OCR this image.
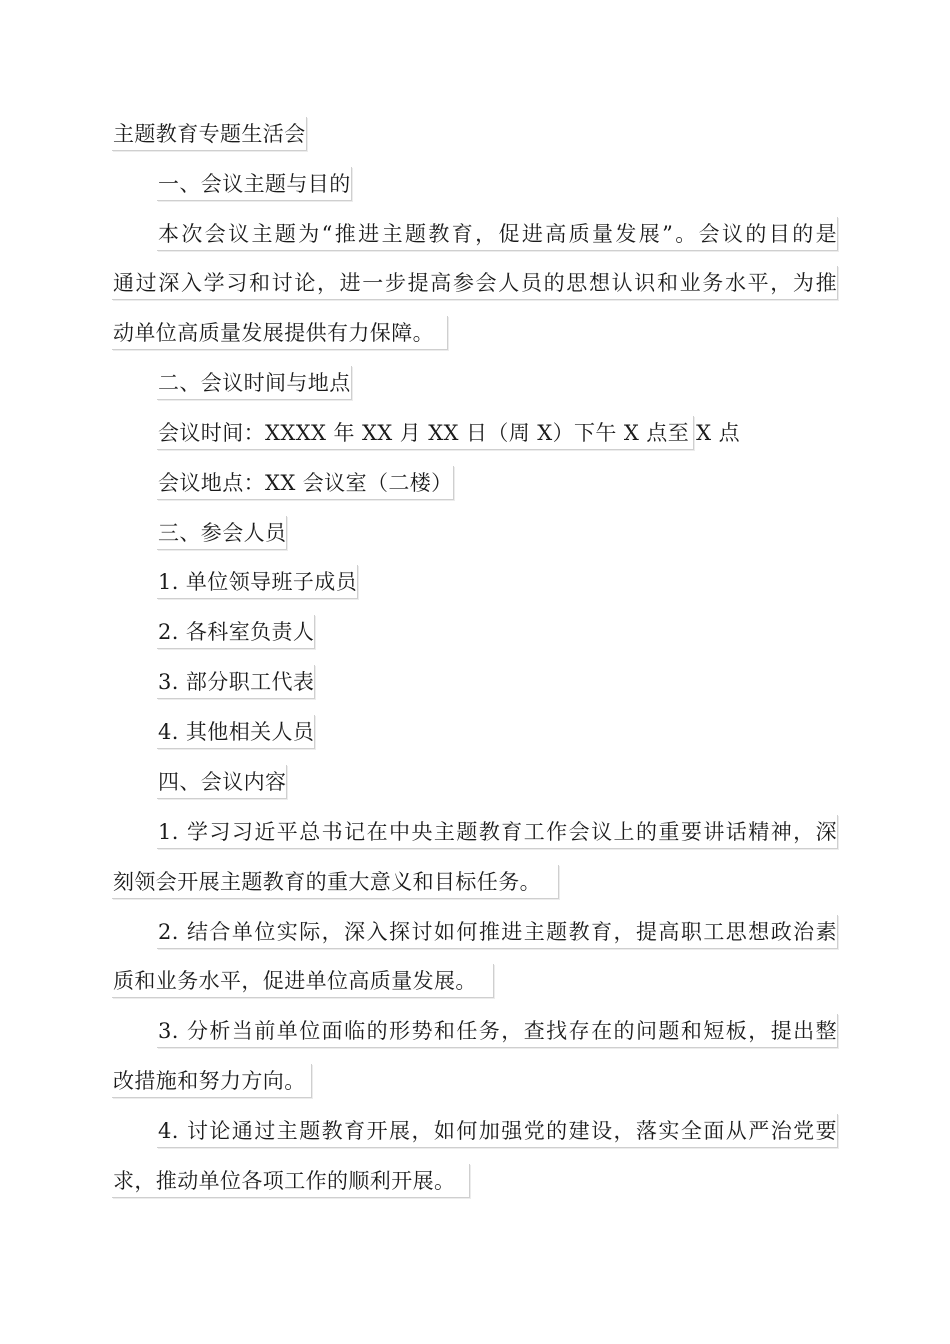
主题教育专题生活会
一、会议主题与目的
本次会议主题为“推进主题教育，促进高质量发展”。会议的目的是
通过深入学习和讨论，进一步提高参会人员的思想认识和业务水平，为推
动单位高质量发展提供有力保障。
二、会议时间与地点
会议时间：XXXX 年 XX 月 XX 日（周 X）下午 X 点至 X 点
会议地点：XX 会议室（二楼）
三、参会人员
1. 单位领导班子成员
2. 各科室负责人
3. 部分职工代表
4. 其他相关人员
四、会议内容
1. 学习习近平总书记在中央主题教育工作会议上的重要讲话精神，深
刻领会开展主题教育的重大意义和目标任务。
2. 结合单位实际，深入探讨如何推进主题教育，提高职工思想政治素
质和业务水平，促进单位高质量发展。
3. 分析当前单位面临的形势和任务，查找存在的问题和短板，提出整
改措施和努力方向。
4. 讨论通过主题教育开展，如何加强党的建设，落实全面从严治党要
求，推动单位各项工作的顺利开展。
